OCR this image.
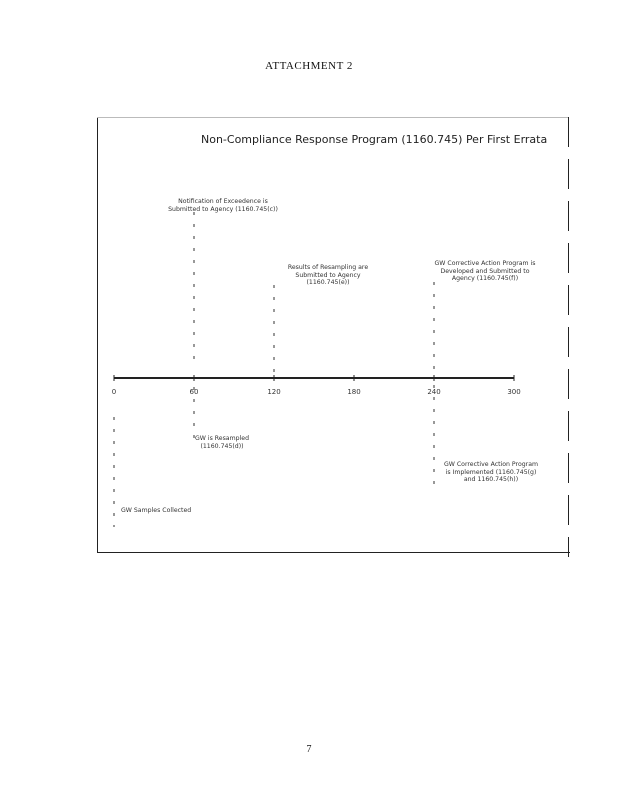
ATTACHMENT 2
Non-Compliance Response Program (1160.745) Per First Errata
0	60	120	180	240	300
Notification of Exceedence is Submitted to Agency (1160.745(c))
Results of Resampling are Submitted to Agency (1160.745(e))
GW Corrective Action Program is Developed and Submitted to Agency (1160.745(f))
GW is Resampled (1160.745(d))
GW Corrective Action Program is Implemented (1160.745(g) and 1160.745(h))
GW Samples Collected
7
